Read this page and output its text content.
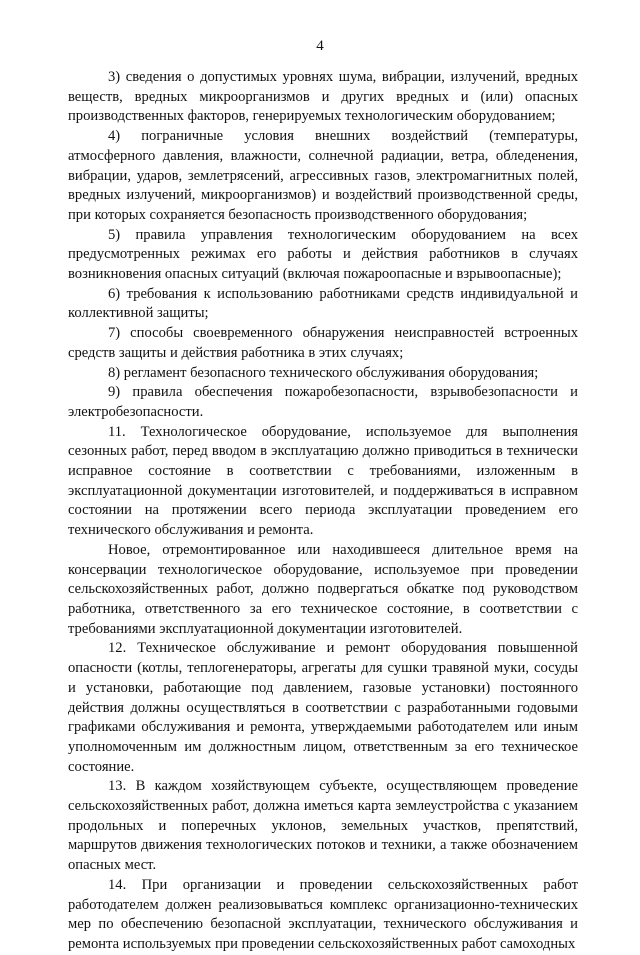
4

3) сведения о допустимых уровнях шума, вибрации, излучений, вредных веществ, вредных микроорганизмов и других вредных и (или) опасных производственных факторов, генерируемых технологическим оборудованием;

4) пограничные условия внешних воздействий (температуры, атмосферного давления, влажности, солнечной радиации, ветра, обледенения, вибрации, ударов, землетрясений, агрессивных газов, электромагнитных полей, вредных излучений, микроорганизмов) и воздействий производственной среды, при которых сохраняется безопасность производственного оборудования;

5) правила управления технологическим оборудованием на всех предусмотренных режимах его работы и действия работников в случаях возникновения опасных ситуаций (включая пожароопасные и взрывоопасные);

6) требования к использованию работниками средств индивидуальной и коллективной защиты;

7) способы своевременного обнаружения неисправностей встроенных средств защиты и действия работника в этих случаях;

8) регламент безопасного технического обслуживания оборудования;

9) правила обеспечения пожаробезопасности, взрывобезопасности и электробезопасности.

11. Технологическое оборудование, используемое для выполнения сезонных работ, перед вводом в эксплуатацию должно приводиться в технически исправное состояние в соответствии с требованиями, изложенным в эксплуатационной документации изготовителей, и поддерживаться в исправном состоянии на протяжении всего периода эксплуатации проведением его технического обслуживания и ремонта.

Новое, отремонтированное или находившееся длительное время на консервации технологическое оборудование, используемое при проведении сельскохозяйственных работ, должно подвергаться обкатке под руководством работника, ответственного за его техническое состояние, в соответствии с требованиями эксплуатационной документации изготовителей.

12. Техническое обслуживание и ремонт оборудования повышенной опасности (котлы, теплогенераторы, агрегаты для сушки травяной муки, сосуды и установки, работающие под давлением, газовые установки) постоянного действия должны осуществляться в соответствии с разработанными годовыми графиками обслуживания и ремонта, утверждаемыми работодателем или иным уполномоченным им должностным лицом, ответственным за его техническое состояние.

13. В каждом хозяйствующем субъекте, осуществляющем проведение сельскохозяйственных работ, должна иметься карта землеустройства с указанием продольных и поперечных уклонов, земельных участков, препятствий, маршрутов движения технологических потоков и техники, а также обозначением опасных мест.

14. При организации и проведении сельскохозяйственных работ работодателем должен реализовываться комплекс организационно-технических мер по обеспечению безопасной эксплуатации, технического обслуживания и ремонта используемых при проведении сельскохозяйственных работ самоходных
